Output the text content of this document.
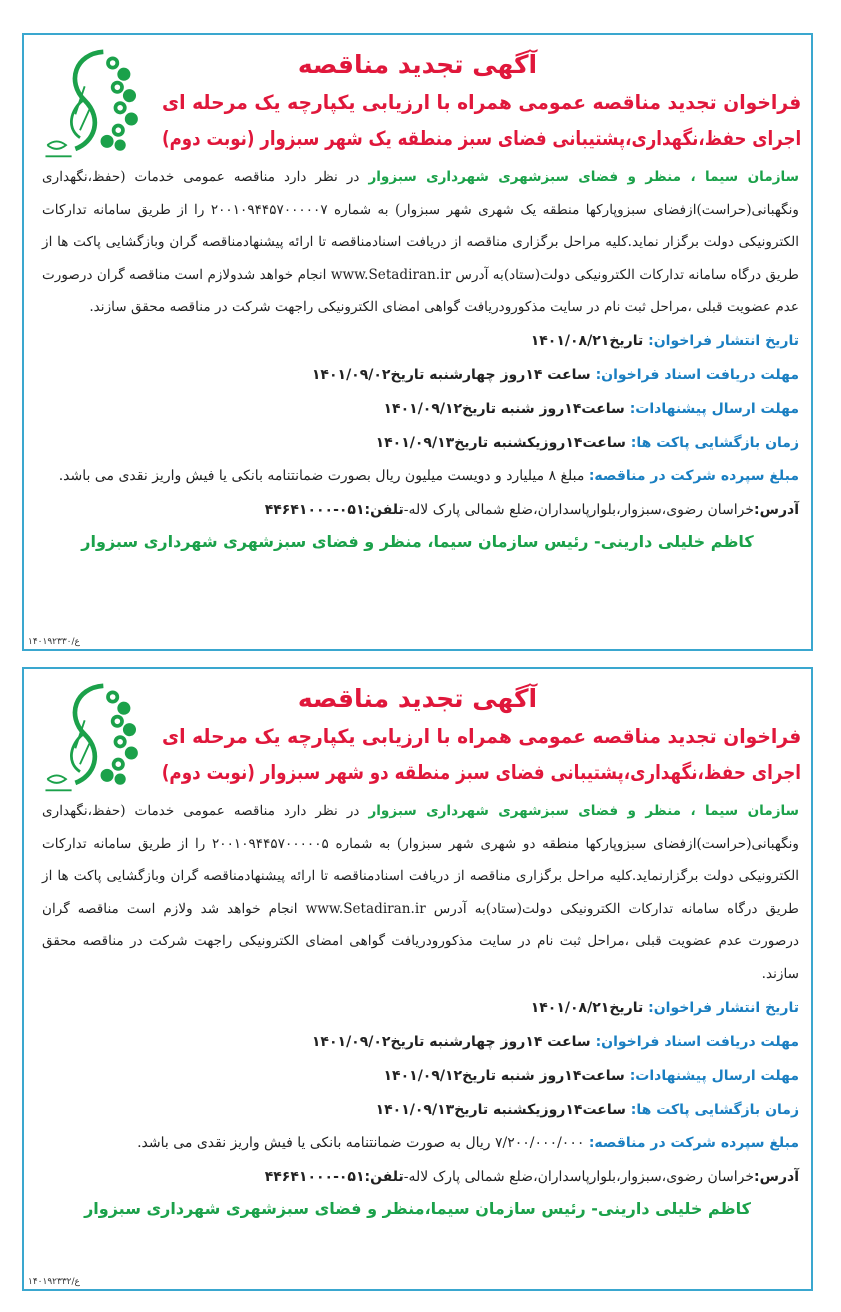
آگهی تجدید مناقصه
فراخوان تجدید مناقصه عمومی همراه با ارزیابی یکپارچه یک مرحله ای
اجرای حفظ،نگهداری،پشتیبانی فضای سبز منطقه یک شهر سبزوار (نوبت دوم)
سازمان سیما ، منظر و فضای سبزشهری شهرداری سبزوار در نظر دارد مناقصه عمومی خدمات (حفظ،نگهداری ونگهبانی(حراست)ازفضای سبزوپارکها منطقه یک شهری شهر سبزوار) به شماره ۲۰۰۱۰۹۴۴۵۷۰۰۰۰۰۷ را از طریق سامانه تدارکات الکترونیکی دولت برگزار نماید.کلیه مراحل برگزاری مناقصه از دریافت اسنادمناقصه تا ارائه پیشنهادمناقصه گران وبازگشایی پاکت ها از طریق درگاه سامانه تدارکات الکترونیکی دولت(ستاد)به آدرس www.Setadiran.ir انجام خواهد شدولازم است مناقصه گران درصورت عدم عضویت قبلی ،مراحل ثبت نام در سایت مذکورودریافت گواهی امضای الکترونیکی راجهت شرکت در مناقصه محقق سازند.
تاریخ انتشار فراخوان: تاریخ۱۴۰۱/۰۸/۲۱
مهلت دریافت اسناد فراخوان: ساعت ۱۴روز چهارشنبه تاریخ۱۴۰۱/۰۹/۰۲
مهلت ارسال پیشنهادات: ساعت۱۴روز شنبه تاریخ۱۴۰۱/۰۹/۱۲
زمان بازگشایی پاکت ها: ساعت۱۴روزیکشنبه تاریخ۱۴۰۱/۰۹/۱۳
مبلغ سپرده شرکت در مناقصه: مبلغ ۸ میلیارد و دویست میلیون ریال بصورت ضمانتنامه بانکی یا فیش واریز نقدی می باشد.
آدرس:خراسان رضوی،سبزوار،بلوارپاسداران،ضلع شمالی پارک لاله-تلفن:۰۵۱-۴۴۶۴۱۰۰۰
کاظم خلیلی دارینی- رئیس سازمان سیما، منظر و فضای سبزشهری شهرداری سبزوار
ع/۱۴۰۱۹۲۳۳۰
آگهی تجدید مناقصه
فراخوان تجدید مناقصه عمومی همراه با ارزیابی یکپارچه یک مرحله ای
اجرای حفظ،نگهداری،پشتیبانی فضای سبز منطقه دو شهر سبزوار (نوبت دوم)
سازمان سیما ، منظر و فضای سبزشهری شهرداری سبزوار در نظر دارد مناقصه عمومی خدمات (حفظ،نگهداری ونگهبانی(حراست)ازفضای سبزوپارکها منطقه دو شهری شهر سبزوار) به شماره ۲۰۰۱۰۹۴۴۵۷۰۰۰۰۰۵ را از طریق سامانه تدارکات الکترونیکی دولت برگزارنماید.کلیه مراحل برگزاری مناقصه از دریافت اسنادمناقصه تا ارائه پیشنهادمناقصه گران وبازگشایی پاکت ها از طریق درگاه سامانه تدارکات الکترونیکی دولت(ستاد)به آدرس www.Setadiran.ir انجام خواهد شد ولازم است مناقصه گران درصورت عدم عضویت قبلی ،مراحل ثبت نام در سایت مذکورودریافت گواهی امضای الکترونیکی راجهت شرکت در مناقصه محقق سازند.
تاریخ انتشار فراخوان: تاریخ۱۴۰۱/۰۸/۲۱
مهلت دریافت اسناد فراخوان: ساعت ۱۴روز چهارشنبه تاریخ۱۴۰۱/۰۹/۰۲
مهلت ارسال پیشنهادات: ساعت۱۴روز شنبه تاریخ۱۴۰۱/۰۹/۱۲
زمان بازگشایی پاکت ها: ساعت۱۴روزیکشنبه تاریخ۱۴۰۱/۰۹/۱۳
مبلغ سپرده شرکت در مناقصه: ۷/۲۰۰/۰۰۰/۰۰۰ ریال به صورت ضمانتنامه بانکی یا فیش واریز نقدی می باشد.
آدرس:خراسان رضوی،سبزوار،بلوارپاسداران،ضلع شمالی پارک لاله-تلفن:۰۵۱-۴۴۶۴۱۰۰۰
کاظم خلیلی دارینی- رئیس سازمان سیما،منظر و فضای سبزشهری شهرداری سبزوار
ع/۱۴۰۱۹۲۳۳۲
